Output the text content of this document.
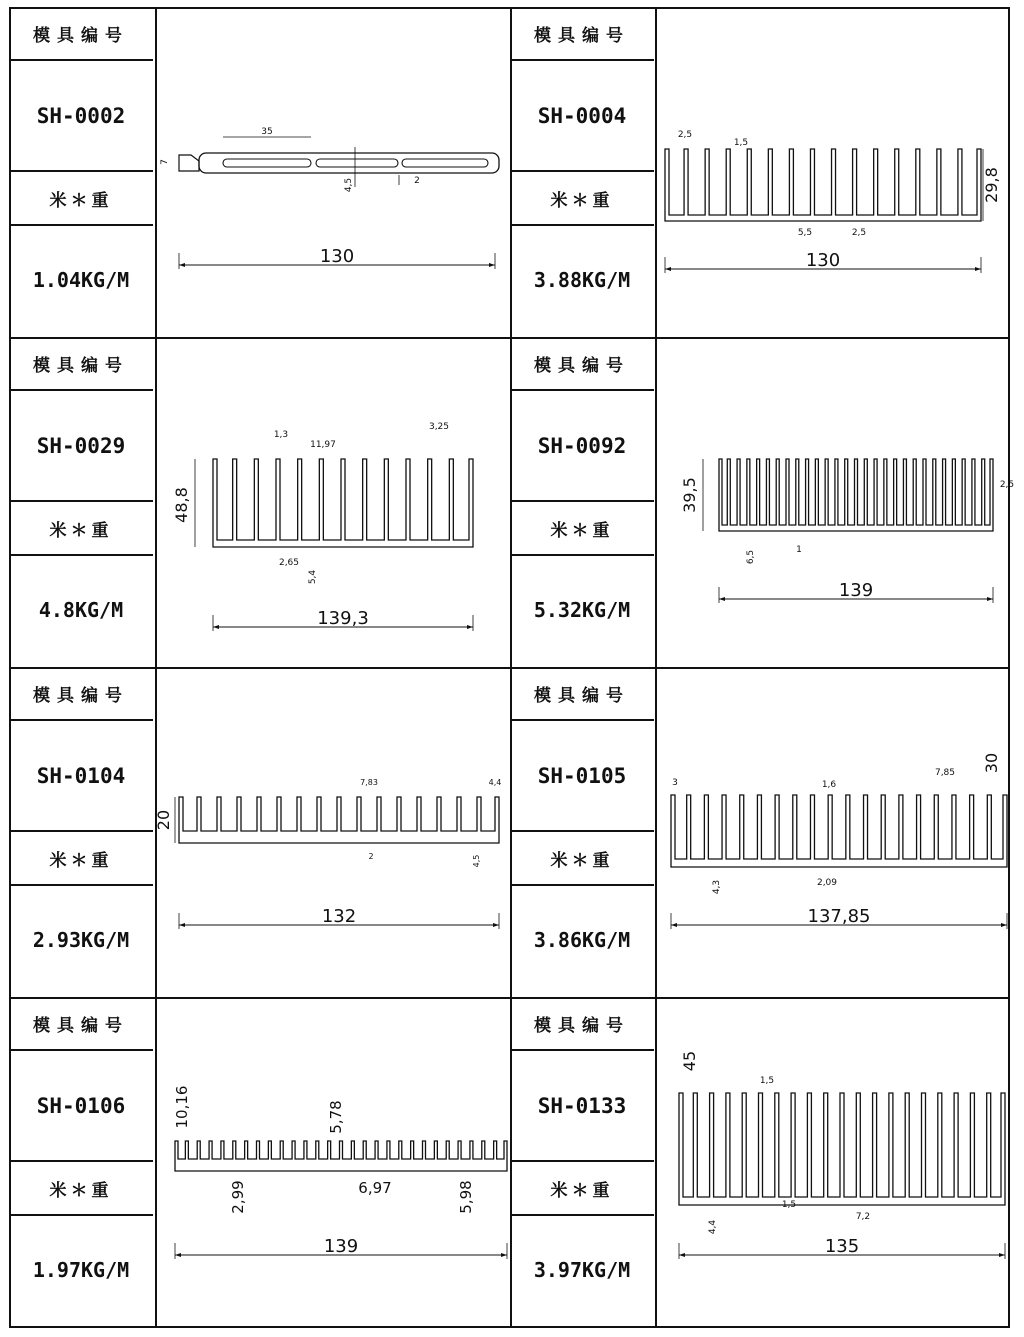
模具编号
SH-0002
米＊重
1.04KG/M
35
7
4,5	2
130
模具编号
SH-0004
米＊重
3.88KG/M
2,5
1,5
29,8
5,5	2,5
130
模具编号
SH-0029
米＊重
4.8KG/M
1,3
11,97
3,25
48,8
2,65
5,4
139,3
模具编号
SH-0092
米＊重
5.32KG/M
39,5	2,5
6,5	1
139
模具编号
SH-0104
米＊重
2.93KG/M
7,83	4,4
20
2	4,5
132
模具编号
SH-0105
米＊重
3.86KG/M
3	1,6
7,85 30
4,3	2,09
137,85
模具编号
SH-0106
米＊重
1.97KG/M
10,16	5,78
2,99	6,97	5,98
139
模具编号
SH-0133
米＊重
3.97KG/M
45
1,5
1,5
7,2
4,4
135
